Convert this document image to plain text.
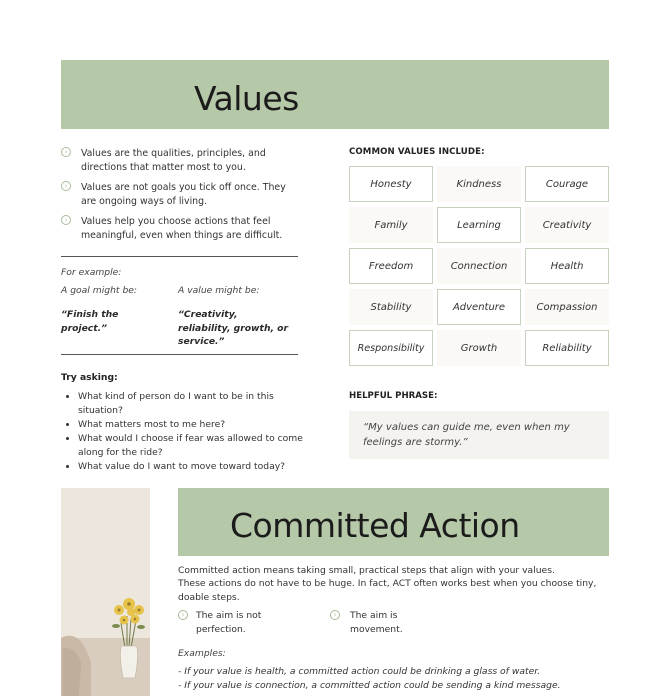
Values
›	Values are the qualities, principles, and directions that matter most to you.
›	Values are not goals you tick off once. They are ongoing ways of living.
›	Values help you choose actions that feel meaningful, even when things are difficult.
For example:
A goal might be:	A value might be:
“Finish the project.”
“Creativity, reliability, growth, or service.”
Try asking:
• What kind of person do I want to be in this situation?
• What matters most to me here?
• What would I choose if fear was allowed to come along for the ride?
• What value do I want to move toward today?
COMMON VALUES INCLUDE:
Honesty	Kindness	Courage
Family	Learning	Creativity
Freedom	Connection	Health
Stability	Adventure	Compassion
Responsibility	Growth	Reliability
HELPFUL PHRASE:
“My values can guide me, even when my feelings are stormy.”
Committed Action
Committed action means taking small, practical steps that align with your values.
These actions do not have to be huge. In fact, ACT often works best when you choose tiny, doable steps.
›	The aim is not perfection.
›	The aim is movement.
Examples:
- If your value is health, a committed action could be drinking a glass of water.
- If your value is connection, a committed action could be sending a kind message.
